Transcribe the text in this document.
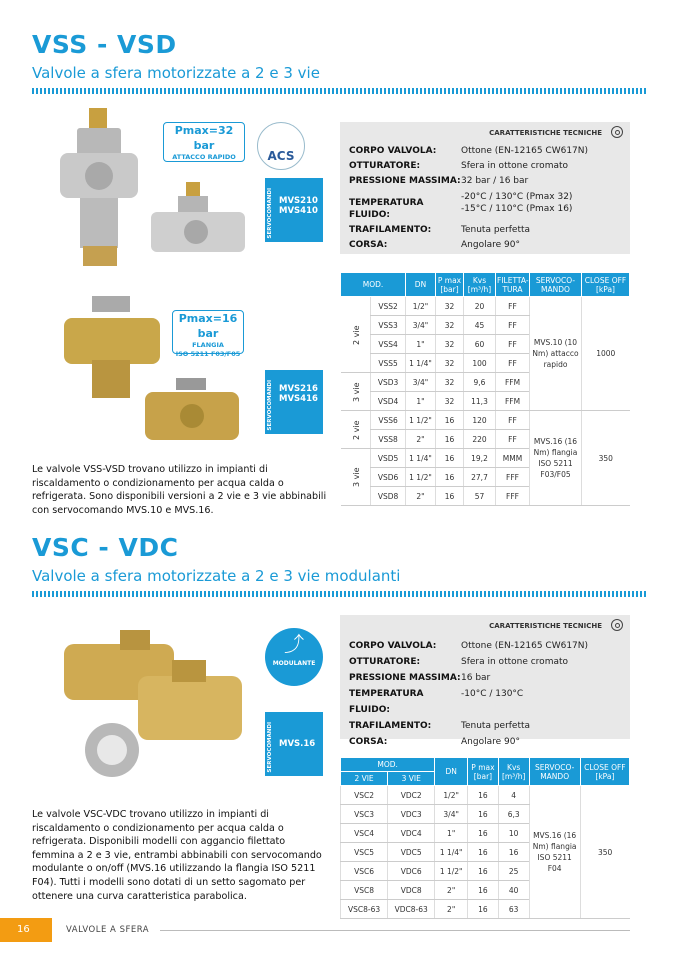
VSS - VSD
Valvole a sfera motorizzate a 2 e 3 vie
Pmax=32 bar
ATTACCO RAPIDO	ACS
SERVOCOMANDI MVS210
MVS410
Pmax=16 bar
FLANGIA
ISO 5211 F03/F05
SERVOCOMANDI MVS216
MVS416
CARATTERISTICHE TECNICHE
CORPO VALVOLA:	Ottone (EN-12165 CW617N)
OTTURATORE:	Sfera in ottone cromato
PRESSIONE MASSIMA: 32 bar / 16 bar
TEMPERATURA FLUIDO:
-20°C / 130°C (Pmax 32)
-15°C / 110°C (Pmax 16)
TRAFILAMENTO:	Tenuta perfetta
CORSA:	Angolare 90°
MOD.		DN	P max [bar]	Kvs [m³/h]	FILETTA-TURA	SERVOCO-MANDO	CLOSE OFF [kPa]
2 vie	VSS2	1/2"	32	20	FF	MVS.10 (10 Nm) attacco rapido	1000
	VSS3	3/4"	32	45	FF		
	VSS4	1"	32	60	FF		
	VSS5	1 1/4"	32	100	FF		
3 vie	VSD3	3/4"	32	9,6	FFM		
	VSD4	1"	32	11,3	FFM		
2 vie	VSS6	1 1/2"	16	120	FF	MVS.16 (16 Nm) flangia ISO 5211 F03/F05	350
	VSS8	2"	16	220	FF		
3 vie	VSD5	1 1/4"	16	19,2	MMM		
	VSD6	1 1/2"	16	27,7	FFF		
	VSD8	2"	16	57	FFF		
Le valvole VSS-VSD trovano utilizzo in impianti di riscaldamento o condizionamento per acqua calda o refrigerata. Sono disponibili versioni a 2 vie e 3 vie abbinabili con servocomando MVS.10 e MVS.16.
VSC - VDC
Valvole a sfera motorizzate a 2 e 3 vie modulanti
⤴
MODULANTE
SERVOCOMANDI MVS.16
CARATTERISTICHE TECNICHE
CORPO VALVOLA:	Ottone (EN-12165 CW617N)
OTTURATORE:	Sfera in ottone cromato
PRESSIONE MASSIMA: 16 bar
TEMPERATURA FLUIDO:
-10°C / 130°C
TRAFILAMENTO:	Tenuta perfetta
CORSA:	Angolare 90°
MOD.		DN	P max [bar]	Kvs [m³/h]	SERVOCO-MANDO	CLOSE OFF [kPa]
2 VIE	3 VIE					
VSC2	VDC2	1/2"	16	4	MVS.16 (16 Nm) flangia ISO 5211 F04	350
VSC3	VDC3	3/4"	16	6,3		
VSC4	VDC4	1"	16	10		
VSC5	VDC5	1 1/4"	16	16		
VSC6	VDC6	1 1/2"	16	25		
VSC8	VDC8	2"	16	40		
VSC8-63	VDC8-63	2"	16	63		
Le valvole VSC-VDC trovano utilizzo in impianti di riscaldamento o condizionamento per acqua calda o refrigerata. Disponibili modelli con aggancio filettato femmina a 2 e 3 vie, entrambi abbinabili con servocomando modulante o on/off (MVS.16 utilizzando la flangia ISO 5211 F04). Tutti i modelli sono dotati di un setto sagomato per ottenere una curva caratteristica parabolica.
16	VALVOLE A SFERA
